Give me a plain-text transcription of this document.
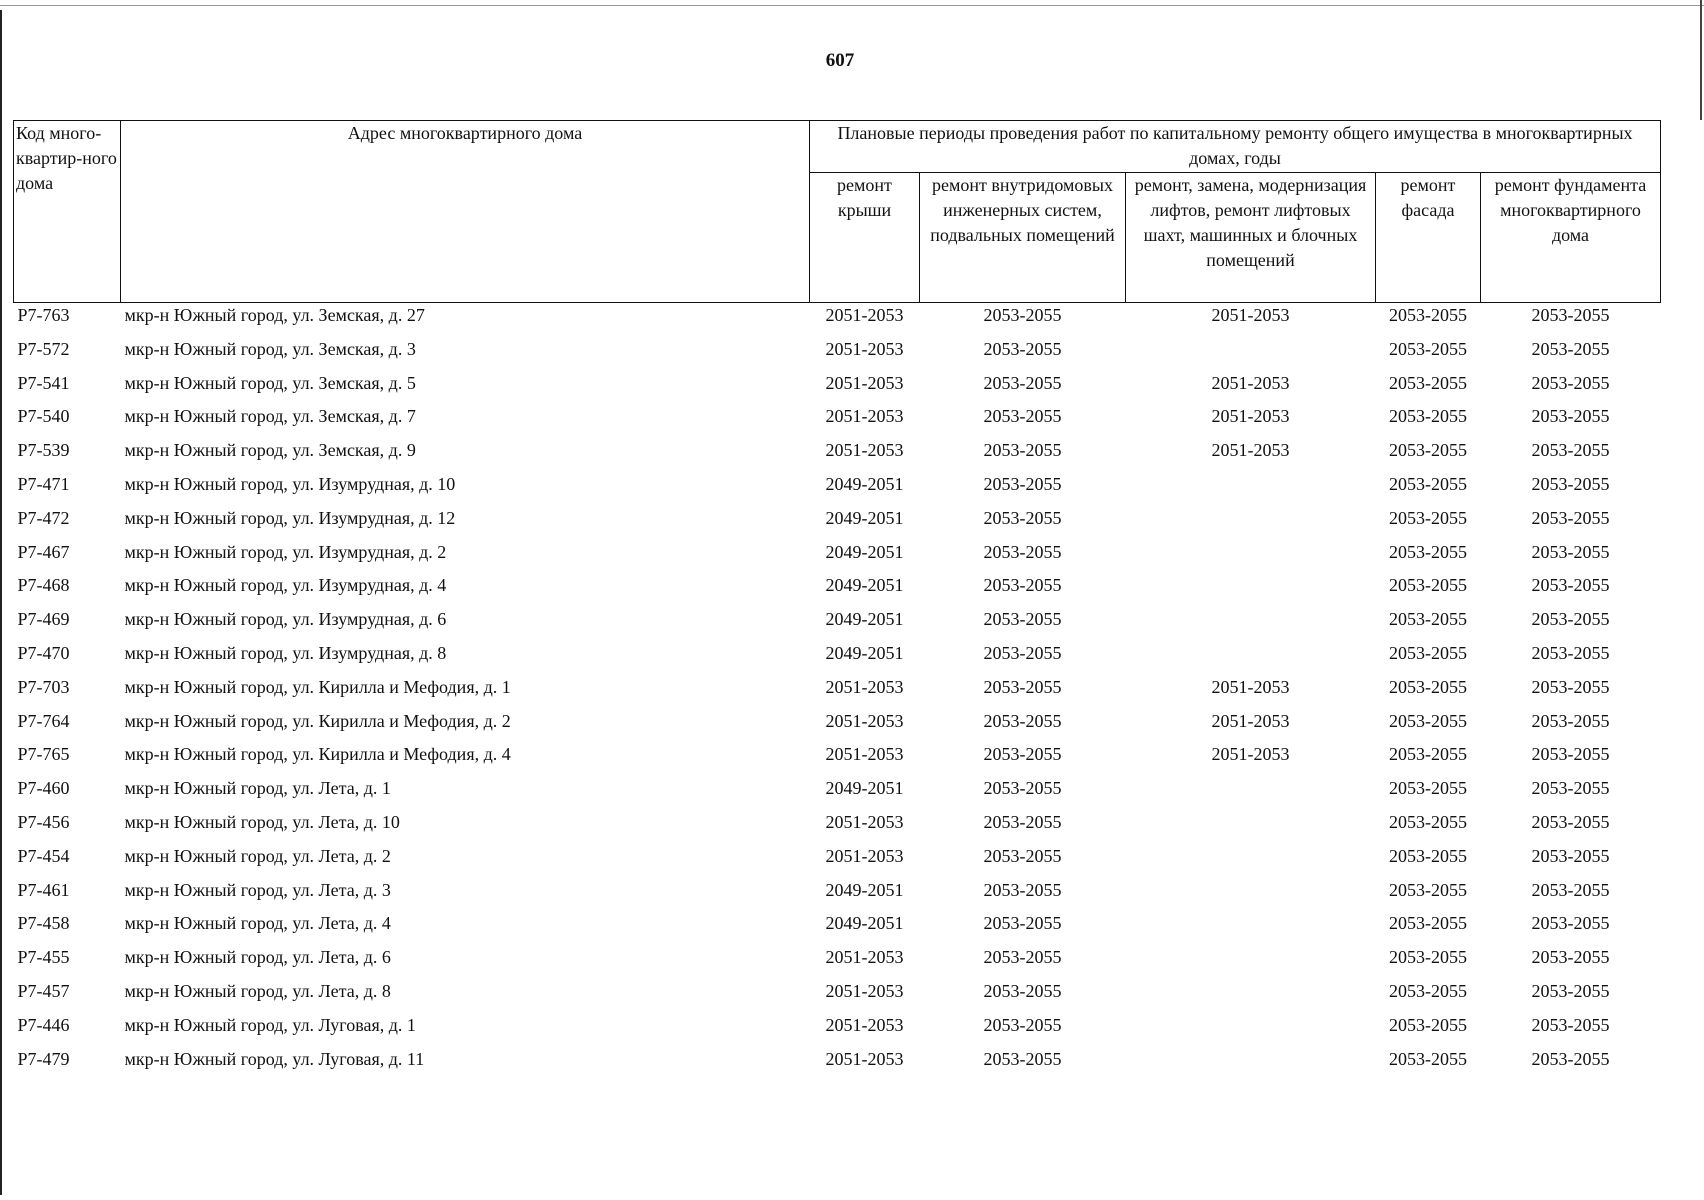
607
Код много-квартир-ного дома	Адрес многоквартирного дома	Плановые периоды проведения работ по капитальному ремонту общего имущества в многоквартирных домах, годы				
		ремонт крыши	ремонт внутридомовых инженерных систем, подвальных помещений	ремонт, замена, модернизация лифтов, ремонт лифтовых шахт, машинных и блочных помещений	ремонт фасада	ремонт фундамента многоквартирного дома
Р7-763	мкр-н Южный город, ул. Земская, д. 27	2051-2053	2053-2055	2051-2053	2053-2055	2053-2055
Р7-572	мкр-н Южный город, ул. Земская, д. 3	2051-2053	2053-2055		2053-2055	2053-2055
Р7-541	мкр-н Южный город, ул. Земская, д. 5	2051-2053	2053-2055	2051-2053	2053-2055	2053-2055
Р7-540	мкр-н Южный город, ул. Земская, д. 7	2051-2053	2053-2055	2051-2053	2053-2055	2053-2055
Р7-539	мкр-н Южный город, ул. Земская, д. 9	2051-2053	2053-2055	2051-2053	2053-2055	2053-2055
Р7-471	мкр-н Южный город, ул. Изумрудная, д. 10	2049-2051	2053-2055		2053-2055	2053-2055
Р7-472	мкр-н Южный город, ул. Изумрудная, д. 12	2049-2051	2053-2055		2053-2055	2053-2055
Р7-467	мкр-н Южный город, ул. Изумрудная, д. 2	2049-2051	2053-2055		2053-2055	2053-2055
Р7-468	мкр-н Южный город, ул. Изумрудная, д. 4	2049-2051	2053-2055		2053-2055	2053-2055
Р7-469	мкр-н Южный город, ул. Изумрудная, д. 6	2049-2051	2053-2055		2053-2055	2053-2055
Р7-470	мкр-н Южный город, ул. Изумрудная, д. 8	2049-2051	2053-2055		2053-2055	2053-2055
Р7-703	мкр-н Южный город, ул. Кирилла и Мефодия, д. 1	2051-2053	2053-2055	2051-2053	2053-2055	2053-2055
Р7-764	мкр-н Южный город, ул. Кирилла и Мефодия, д. 2	2051-2053	2053-2055	2051-2053	2053-2055	2053-2055
Р7-765	мкр-н Южный город, ул. Кирилла и Мефодия, д. 4	2051-2053	2053-2055	2051-2053	2053-2055	2053-2055
Р7-460	мкр-н Южный город, ул. Лета, д. 1	2049-2051	2053-2055		2053-2055	2053-2055
Р7-456	мкр-н Южный город, ул. Лета, д. 10	2051-2053	2053-2055		2053-2055	2053-2055
Р7-454	мкр-н Южный город, ул. Лета, д. 2	2051-2053	2053-2055		2053-2055	2053-2055
Р7-461	мкр-н Южный город, ул. Лета, д. 3	2049-2051	2053-2055		2053-2055	2053-2055
Р7-458	мкр-н Южный город, ул. Лета, д. 4	2049-2051	2053-2055		2053-2055	2053-2055
Р7-455	мкр-н Южный город, ул. Лета, д. 6	2051-2053	2053-2055		2053-2055	2053-2055
Р7-457	мкр-н Южный город, ул. Лета, д. 8	2051-2053	2053-2055		2053-2055	2053-2055
Р7-446	мкр-н Южный город, ул. Луговая, д. 1	2051-2053	2053-2055		2053-2055	2053-2055
Р7-479	мкр-н Южный город, ул. Луговая, д. 11	2051-2053	2053-2055		2053-2055	2053-2055
